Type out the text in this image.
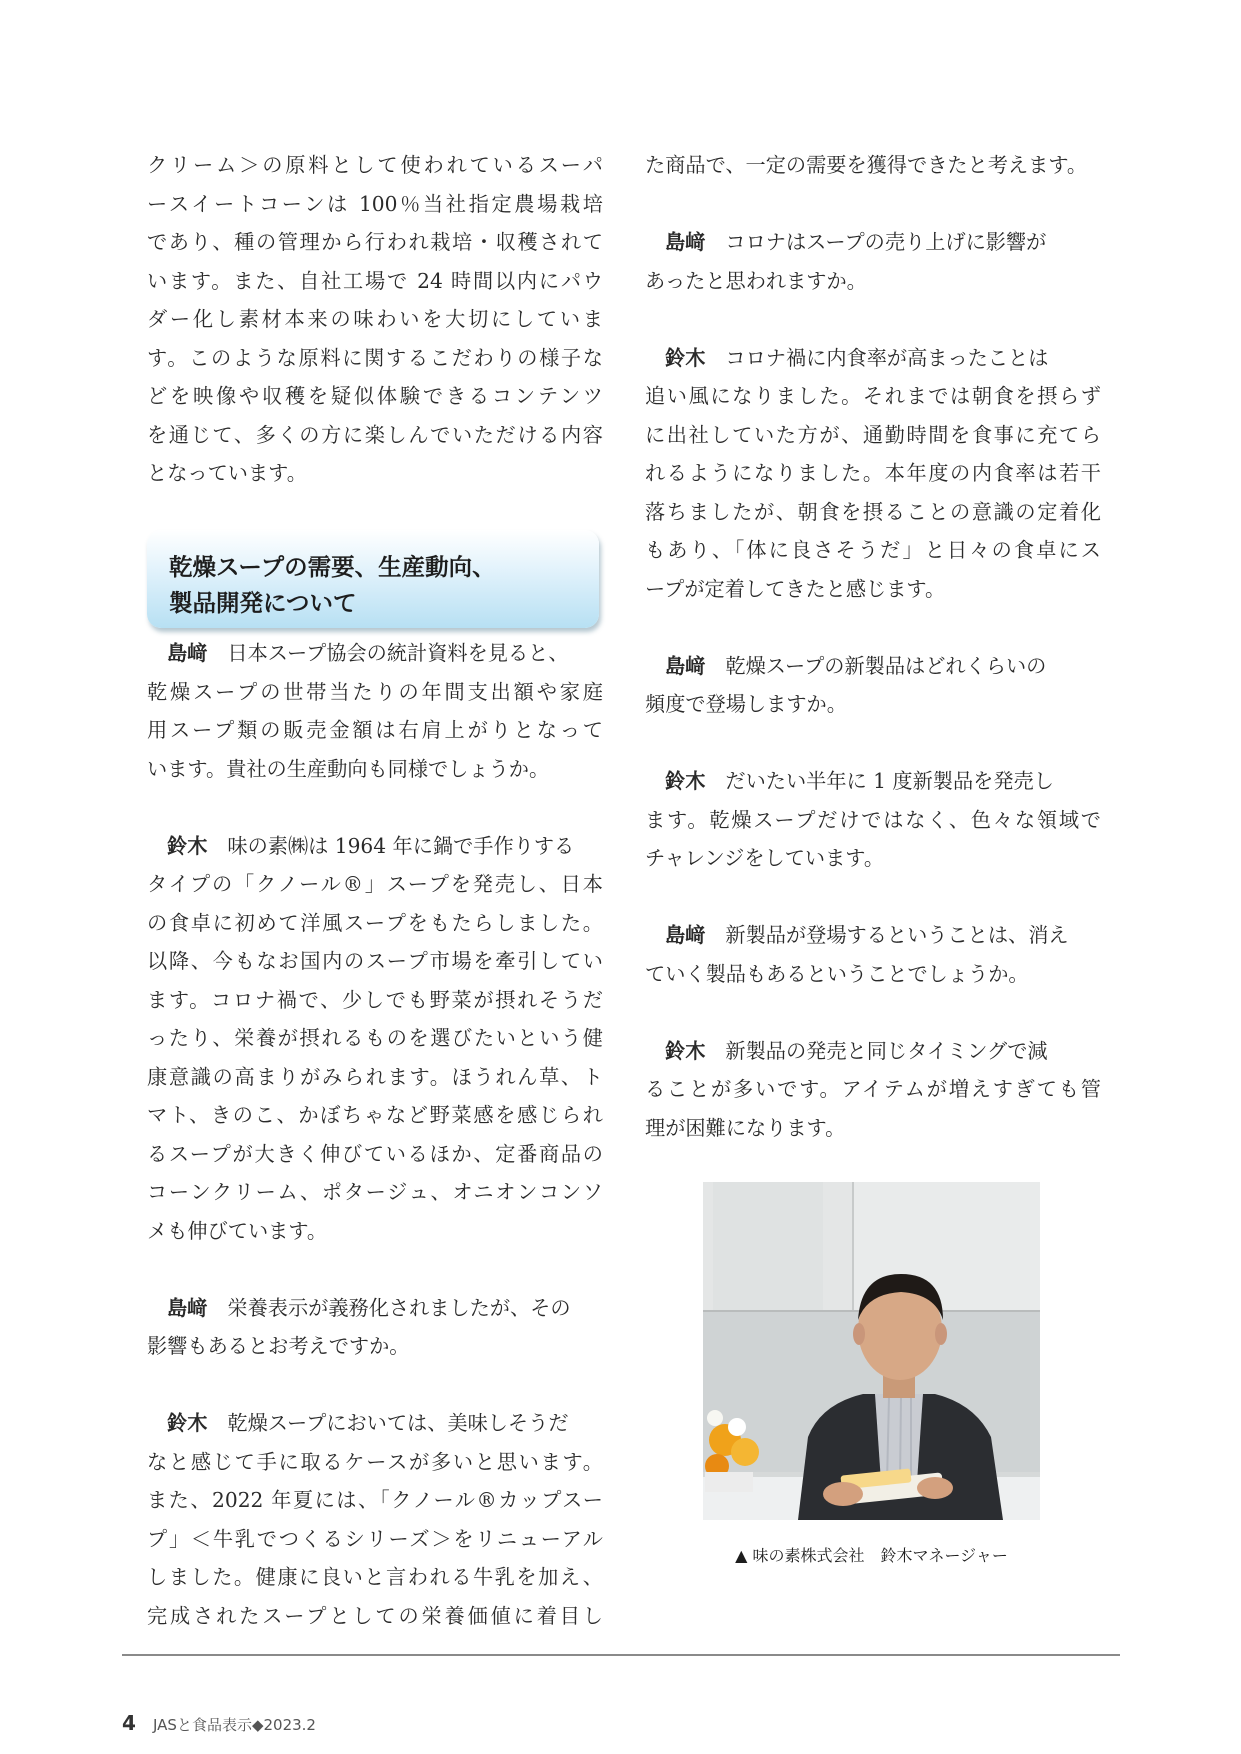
クリーム＞の原料として使われているスーパ
ースイートコーンは 100％当社指定農場栽培
であり、種の管理から行われ栽培・収穫されて
います。また、自社工場で 24 時間以内にパウ
ダー化し素材本来の味わいを大切にしていま
す。このような原料に関するこだわりの様子な
どを映像や収穫を疑似体験できるコンテンツ
を通じて、多くの方に楽しんでいただける内容
となっています。
乾燥スープの需要、生産動向、
製品開発について
島﨑 日本スープ協会の統計資料を見ると、
乾燥スープの世帯当たりの年間支出額や家庭
用スープ類の販売金額は右肩上がりとなって
います。貴社の生産動向も同様でしょうか。
鈴木 味の素㈱は 1964 年に鍋で手作りする
タイプの「クノール®」スープを発売し、日本
の食卓に初めて洋風スープをもたらしました。
以降、今もなお国内のスープ市場を牽引してい
ます。コロナ禍で、少しでも野菜が摂れそうだ
ったり、栄養が摂れるものを選びたいという健
康意識の高まりがみられます。ほうれん草、ト
マト、きのこ、かぼちゃなど野菜感を感じられ
るスープが大きく伸びているほか、定番商品の
コーンクリーム、ポタージュ、オニオンコンソ
メも伸びています。
島﨑 栄養表示が義務化されましたが、その
影響もあるとお考えですか。
鈴木 乾燥スープにおいては、美味しそうだ
なと感じて手に取るケースが多いと思います。
また、2022 年夏には、「クノール®カップスー
プ」＜牛乳でつくるシリーズ＞をリニューアル
しました。健康に良いと言われる牛乳を加え、
完成されたスープとしての栄養価値に着目し
た商品で、一定の需要を獲得できたと考えます。
島﨑 コロナはスープの売り上げに影響が
あったと思われますか。
鈴木 コロナ禍に内食率が高まったことは
追い風になりました。それまでは朝食を摂らず
に出社していた方が、通勤時間を食事に充てら
れるようになりました。本年度の内食率は若干
落ちましたが、朝食を摂ることの意識の定着化
もあり、「体に良さそうだ」と日々の食卓にス
ープが定着してきたと感じます。
島﨑 乾燥スープの新製品はどれくらいの
頻度で登場しますか。
鈴木 だいたい半年に 1 度新製品を発売し
ます。乾燥スープだけではなく、色々な領域で
チャレンジをしています。
島﨑 新製品が登場するということは、消え
ていく製品もあるということでしょうか。
鈴木 新製品の発売と同じタイミングで減
ることが多いです。アイテムが増えすぎても管
理が困難になります。
▲ 味の素株式会社　鈴木マネージャー
4 JASと食品表示◆2023.2
